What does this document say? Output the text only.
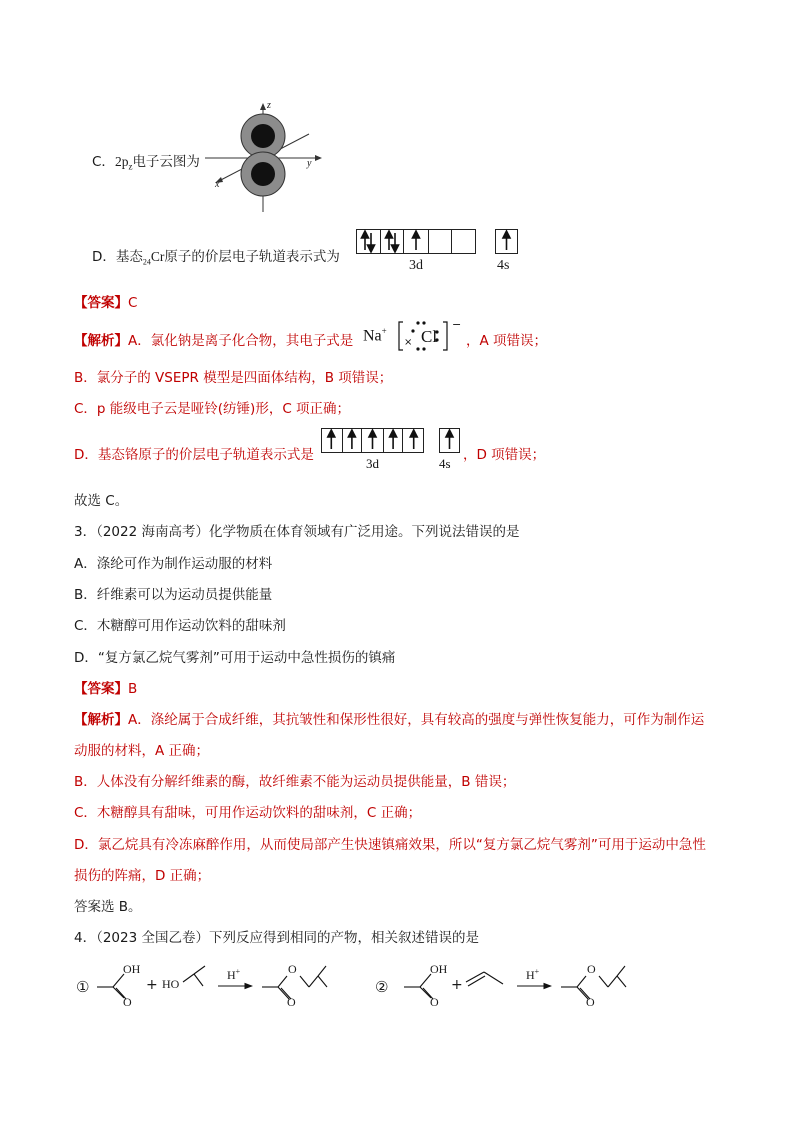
C．$2p_z$电子云图为
z
y
x
D．基态$_{24}$Cr原子的价层电子轨道表示式为
3d	4s
【答案】C
【解析】A．氯化钠是离子化合物，其电子式是 Na+
× Cl
−
，A 项错误；
B．氯分子的 VSEPR 模型是四面体结构，B 项错误；
C．p 能级电子云是哑铃(纺锤)形，C 项正确；
D．基态铬原子的价层电子轨道表示式是
3d	4s
，D 项错误；
故选 C。
3．（2022 海南高考）化学物质在体育领域有广泛用途。下列说法错误的是
A．涤纶可作为制作运动服的材料
B．纤维素可以为运动员提供能量
C．木糖醇可用作运动饮料的甜味剂
D．“复方氯乙烷气雾剂”可用于运动中急性损伤的镇痛
【答案】B
【解析】A．涤纶属于合成纤维，其抗皱性和保形性很好，具有较高的强度与弹性恢复能力，可作为制作运
动服的材料，A 正确；
B．人体没有分解纤维素的酶，故纤维素不能为运动员提供能量，B 错误；
C．木糖醇具有甜味，可用作运动饮料的甜味剂，C 正确；
D．氯乙烷具有冷冻麻醉作用，从而使局部产生快速镇痛效果，所以“复方氯乙烷气雾剂”可用于运动中急性
损伤的阵痛，D 正确；
答案选 B。
4．（2023 全国乙卷）下列反应得到相同的产物，相关叙述错误的是
①	②
OH
O
+ HO
H+	O
O
OH
O
+
H+	O
O
